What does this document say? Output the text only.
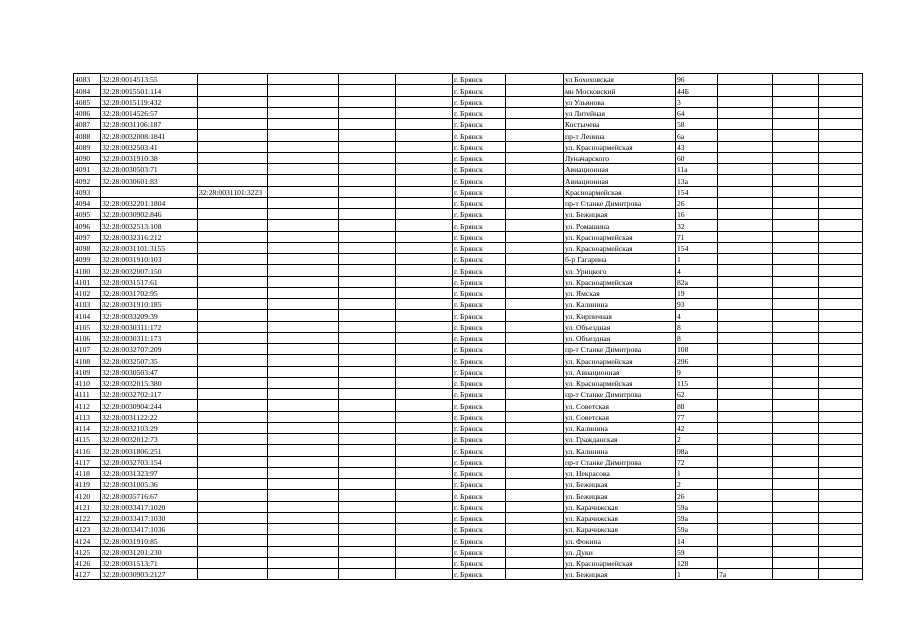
4083	32:28:0014513:55					г. Брянск		ул Бохоховская	96			
4084	32:28:0015501:114					г. Брянск		мн Московский	44Б			
4085	32:28:0015119:432					г. Брянск		ул Ульянова	3			
4086	32:28:0014526:57					г. Брянск		ул Литейная	64			
4087	32:28:0031106:187					г. Брянск		Костычева	58			
4088	32:28:0032008:1841					г. Брянск		пр-т Ленина	6а			
4089	32:28:0032503:41					г. Брянск		ул. Красноармейская	43			
4090	32:28:0031910:38					г. Брянск		Луначарского	60			
4091	32:28:0030503:71					г. Брянск		Авиационная	11а			
4092	32:28:0030601:83					г. Брянск		Авиационная	13а			
4093		32:28:0031101:3223				г. Брянск		Красноармейская	154			
4094	32:28:0032201:1804					г. Брянск		пр-т Станке Димитрова	26			
4095	32:28:0030902:846					г. Брянск		ул. Бежицкая	16			
4096	32:28:0032513:108					г. Брянск		ул. Ромашина	32			
4097	32:28:0032316:212					г. Брянск		ул. Красноармейская	71			
4098	32:28:0031101:3155					г. Брянск		ул. Красноармейская	154			
4099	32:28:0031910:103					г. Брянск		б-р Гагарина	1			
4100	32:28:0032007:150					г. Брянск		ул. Урицкого	4			
4101	32:28:0031517:61					г. Брянск		ул. Красноармейская	82а			
4102	32:28:0031702:95					г. Брянск		ул. Ямская	19			
4103	32:28:0031910:185					г. Брянск		ул. Калинина	93			
4104	32:28:0033209:39					г. Брянск		ул. Кирпичная	4			
4105	32:28:0030311:172					г. Брянск		ул. Объездная	8			
4106	32:28:0030311:173					г. Брянск		ул. Объездная	8			
4107	32:28:0032707:209					г. Брянск		пр-т Станке Димитрова	108			
4108	32:28:0032507:35					г. Брянск		ул. Красноармейская	296			
4109	32:28:0030503:47					г. Брянск		ул. Авиационная	9			
4110	32:28:0032015:380					г. Брянск		ул. Красноармейская	115			
4111	32:28:0032702:117					г. Брянск		пр-т Станке Димитрова	62			
4112	32:28:0030904:244					г. Брянск		ул. Советская	88			
4113	32:28:0031122:22					г. Брянск		ул. Советская	77			
4114	32:28:0032103:29					г. Брянск		ул. Калинина	42			
4115	32:28:0032012:73					г. Брянск		ул. Гражданская	2			
4116	32:28:0031806:251					г. Брянск		ул. Калинина	98а			
4117	32:28:0032703:154					г. Брянск		пр-т Станке Димитрова	72			
4118	32:28:0031323:97					г. Брянск		ул. Некрасова	1			
4119	32:28:0031005:36					г. Брянск		ул. Бежицкая	2			
4120	32:28:0035716:67					г. Брянск		ул. Бежицкая	26			
4121	32:28:0033417:1020					г. Брянск		ул. Карачижская	59а			
4122	32:28:0033417:1030					г. Брянск		ул. Карачижская	59а			
4123	32:28:0033417:1036					г. Брянск		ул. Карачижская	59а			
4124	32:28:0031910:85					г. Брянск		ул. Фокина	14			
4125	32:28:0031201:230					г. Брянск		ул. Дуки	59			
4126	32:28:0031513:71					г. Брянск		ул. Красноармейская	128			
4127	32:28:0030903:2127					г. Брянск		ул. Бежицкая	1	7а		
